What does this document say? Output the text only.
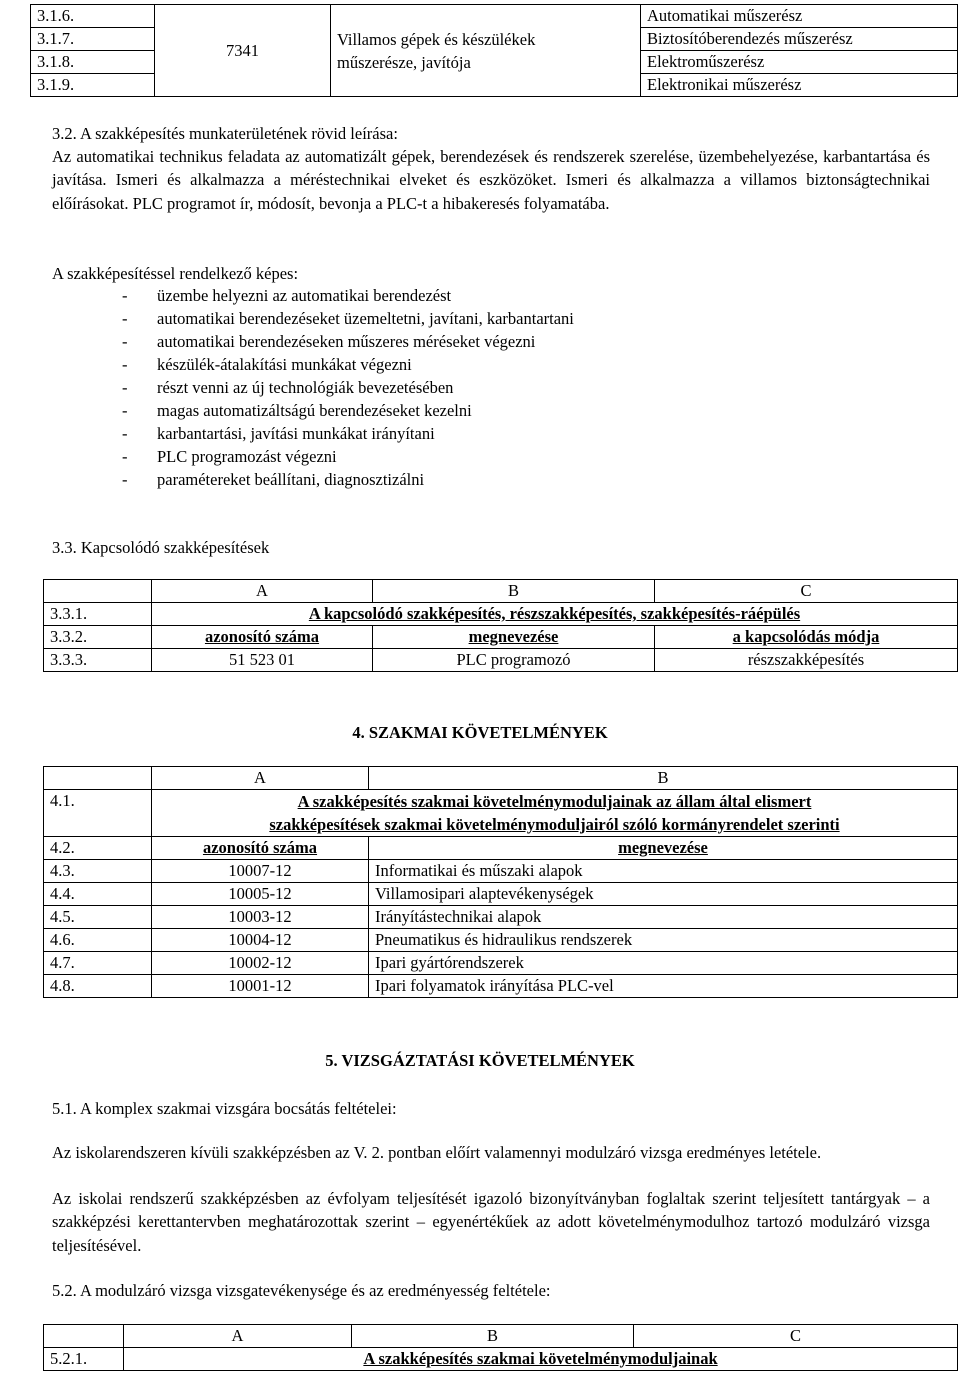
3.1.6.	7341	Villamos gépek és készülékek
műszerésze, javítója	Automatikai műszerész
3.1.7.			Biztosítóberendezés műszerész
3.1.8.			Elektroműszerész
3.1.9.			Elektronikai műszerész
3.2. A szakképesítés munkaterületének rövid leírása:
Az automatikai technikus feladata az automatizált gépek, berendezések és rendszerek szerelése, üzembehelyezése, karbantartása és javítása. Ismeri és alkalmazza a méréstechnikai elveket és eszközöket. Ismeri és alkalmazza a villamos biztonságtechnikai előírásokat. PLC programot ír, módosít, bevonja a PLC-t a hibakeresés folyamatába.
A szakképesítéssel rendelkező képes:
- üzembe helyezni az automatikai berendezést
- automatikai berendezéseket üzemeltetni, javítani, karbantartani
- automatikai berendezéseken műszeres méréseket végezni
- készülék-átalakítási munkákat végezni
- részt venni az új technológiák bevezetésében
- magas automatizáltságú berendezéseket kezelni
- karbantartási, javítási munkákat irányítani
- PLC programozást végezni
- paramétereket beállítani, diagnosztizálni
3.3. Kapcsolódó szakképesítések
	A	B	C
3.3.1.	A kapcsolódó szakképesítés, részszakképesítés, szakképesítés-ráépülés		
3.3.2.	azonosító száma	megnevezése	a kapcsolódás módja
3.3.3.	51 523 01	PLC programozó	részszakképesítés
4. SZAKMAI KÖVETELMÉNYEK
	A	B
4.1.	A szakképesítés szakmai követelménymoduljainak az állam által elismert
szakképesítések szakmai követelménymoduljairól szóló kormányrendelet szerinti	

4.2.	azonosító száma	megnevezése
4.3.	10007-12	Informatikai és műszaki alapok
4.4.	10005-12	Villamosipari alaptevékenységek
4.5.	10003-12	Irányítástechnikai alapok
4.6.	10004-12	Pneumatikus és hidraulikus rendszerek
4.7.	10002-12	Ipari gyártórendszerek
4.8.	10001-12	Ipari folyamatok irányítása PLC-vel
5. VIZSGÁZTATÁSI KÖVETELMÉNYEK
5.1. A komplex szakmai vizsgára bocsátás feltételei:
Az iskolarendszeren kívüli szakképzésben az V. 2. pontban előírt valamennyi modulzáró vizsga eredményes letétele.
Az iskolai rendszerű szakképzésben az évfolyam teljesítését igazoló bizonyítványban foglaltak szerint teljesített tantárgyak – a szakképzési kerettantervben meghatározottak szerint – egyenértékűek az adott követelménymodulhoz tartozó modulzáró vizsga teljesítésével.
5.2. A modulzáró vizsga vizsgatevékenysége és az eredményesség feltétele:
	A	B	C
5.2.1.	A szakképesítés szakmai követelménymoduljainak		
